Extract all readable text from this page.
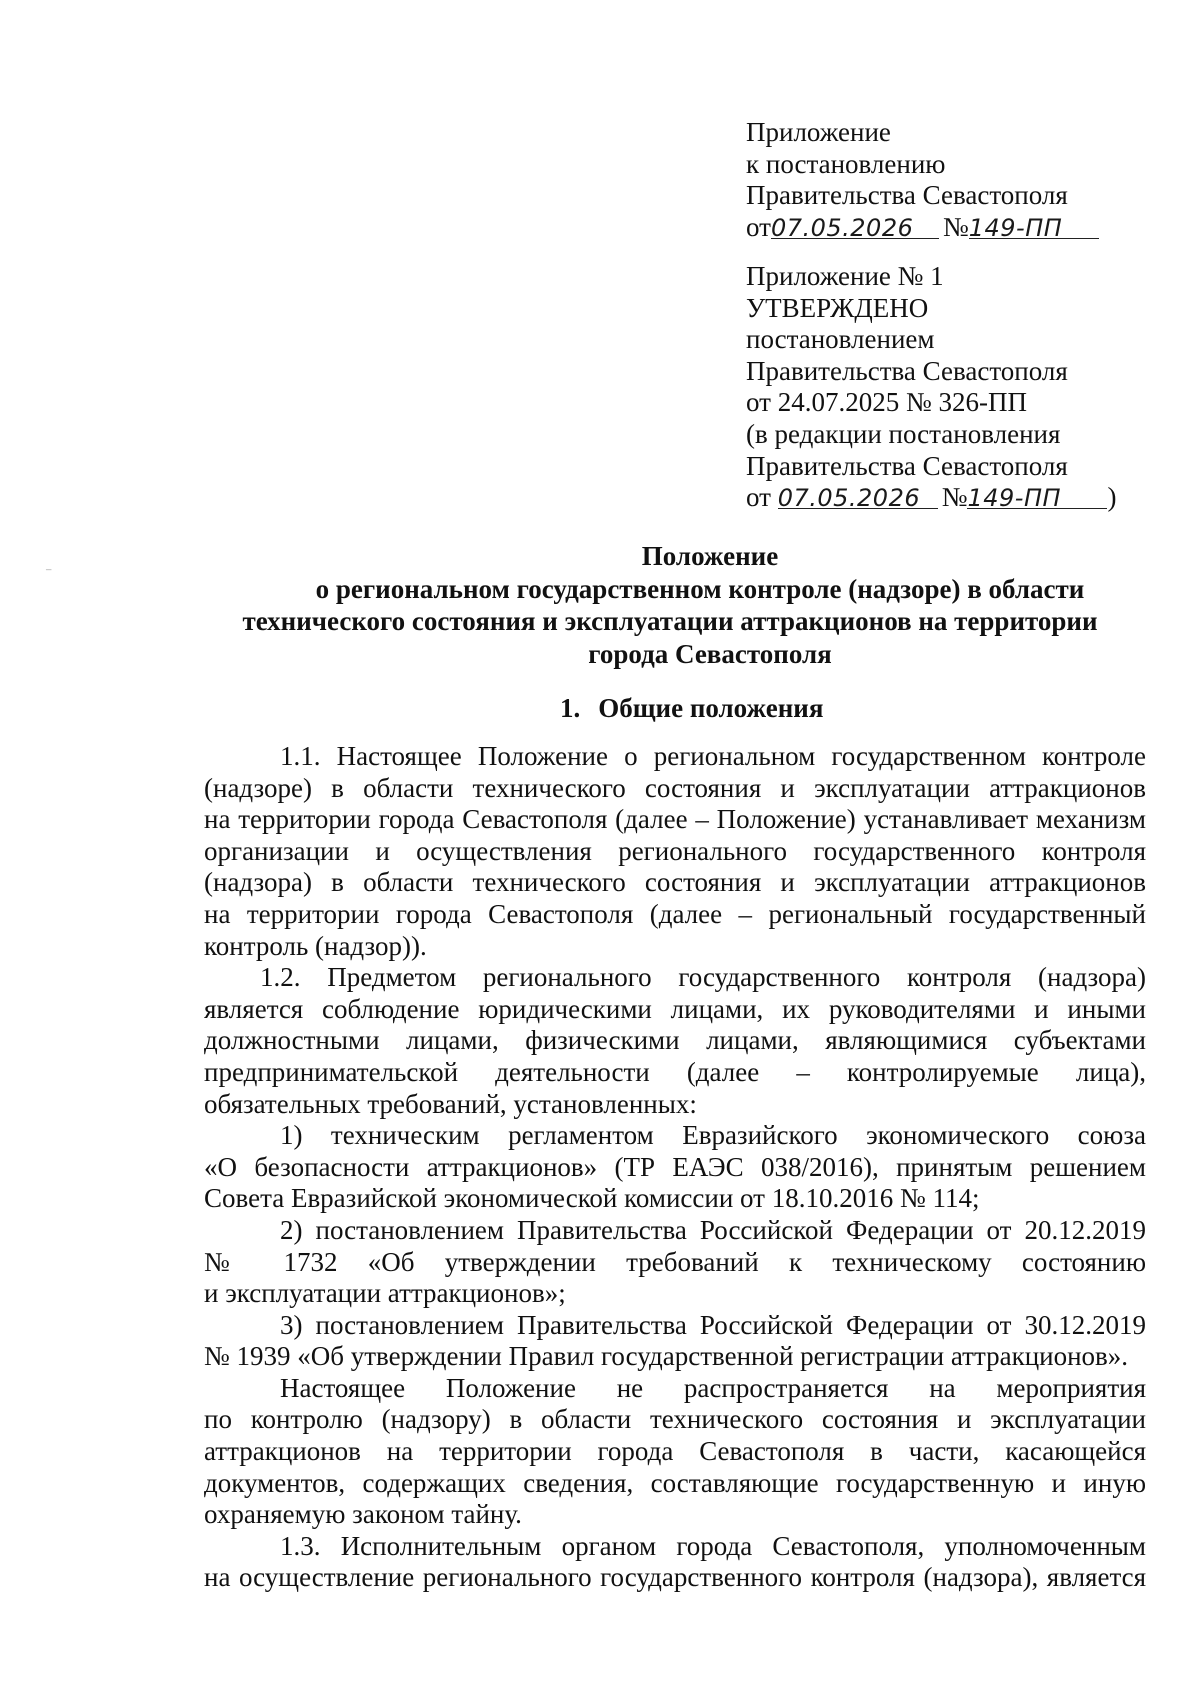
—
Приложение
к постановлению
Правительства Севастополя
от07.05.2026 №149-ПП
Приложение № 1
УТВЕРЖДЕНО
постановлением
Правительства Севастополя
от 24.07.2025 № 326-ПП
(в редакции постановления
Правительства Севастополя
от 07.05.2026 №149-ПП )
Положение
о региональном государственном контроле (надзоре) в области
технического состояния и эксплуатации аттракционов на территории
города Севастополя
1. Общие положения
1.1. Настоящее Положение о региональном государственном контроле
(надзоре) в области технического состояния и эксплуатации аттракционов
на территории города Севастополя (далее – Положение) устанавливает механизм
организации и осуществления регионального государственного контроля
(надзора) в области технического состояния и эксплуатации аттракционов
на территории города Севастополя (далее – региональный государственный
контроль (надзор)).
1.2. Предметом регионального государственного контроля (надзора)
является соблюдение юридическими лицами, их руководителями и иными
должностными лицами, физическими лицами, являющимися субъектами
предпринимательской деятельности (далее – контролируемые лица),
обязательных требований, установленных:
1) техническим регламентом Евразийского экономического союза
«О безопасности аттракционов» (ТР ЕАЭС 038/2016), принятым решением
Совета Евразийской экономической комиссии от 18.10.2016 № 114;
2) постановлением Правительства Российской Федерации от 20.12.2019
№ 1732 «Об утверждении требований к техническому состоянию
и эксплуатации аттракционов»;
3) постановлением Правительства Российской Федерации от 30.12.2019
№ 1939 «Об утверждении Правил государственной регистрации аттракционов».
Настоящее Положение не распространяется на мероприятия
по контролю (надзору) в области технического состояния и эксплуатации
аттракционов на территории города Севастополя в части, касающейся
документов, содержащих сведения, составляющие государственную и иную
охраняемую законом тайну.
1.3. Исполнительным органом города Севастополя, уполномоченным
на осуществление регионального государственного контроля (надзора), является
